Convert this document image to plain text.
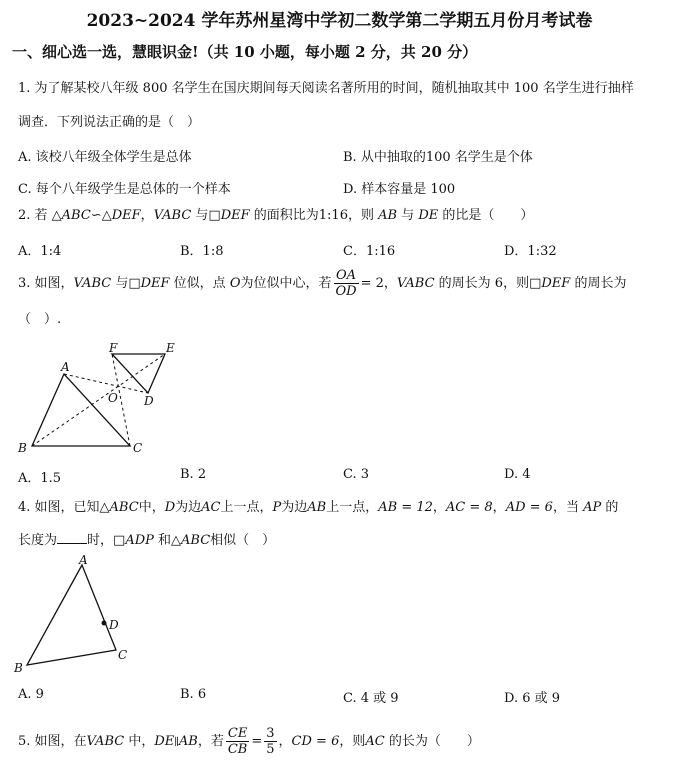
2023~2024 学年苏州星湾中学初二数学第二学期五月份月考试卷
一、细心选一选，慧眼识金!（共 10 小题，每小题 2 分，共 20 分）
1. 为了解某校八年级 800 名学生在国庆期间每天阅读名著所用的时间，随机抽取其中 100 名学生进行抽样
调查．下列说法正确的是（　）
A. 该校八年级全体学生是总体	B. 从中抽取的100 名学生是个体
C. 每个八年级学生是总体的一个样本	D. 样本容量是 100
2. 若 △ABC∽△DEF，VABC 与□DEF 的面积比为1:16，则 AB 与 DE 的比是（　　）
A．1:4	B．1:8	C．1:16	D．1:32
3. 如图，VABC 与□DEF 位似，点 O为位似中心，若 $\frac{OA}{OD} = 2$，VABC 的周长为 6，则□DEF 的周长为
（　）.
A
B	C
D
E
F
O
A．1.5	B. 2	C. 3	D. 4
4. 如图，已知△ABC中，D为边AC上一点，P为边AB上一点，AB = 12，AC = 8，AD = 6，当 AP 的
长度为 时，□ADP 和△ABC相似（　）
A
B
C
D
A. 9	B. 6	C. 4 或 9	D. 6 或 9
5. 如图，在VABC 中，DE∥AB，若 $\frac{CE}{CB} = \frac{3}{5}$ ，CD = 6，则AC 的长为（　　）
